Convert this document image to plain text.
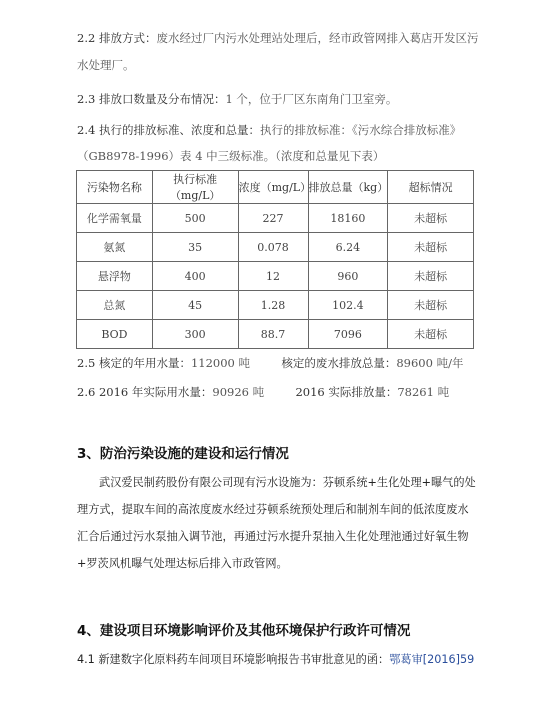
2.2 排放方式：废水经过厂内污水处理站处理后，经市政管网排入葛店开发区污
水处理厂。
2.3 排放口数量及分布情况：1 个，位于厂区东南角门卫室旁。
2.4 执行的排放标准、浓度和总量：执行的排放标准：《污水综合排放标准》
（GB8978-1996）表 4 中三级标准。（浓度和总量见下表）
污染物名称	执行标准（mg/L）	浓度（mg/L）	排放总量（kg）	超标情况
化学需氧量	500	227	18160	未超标
氨氮	35	0.078	6.24	未超标
悬浮物	400	12	960	未超标
总氮	45	1.28	102.4	未超标
BOD	300	88.7	7096	未超标
2.5 核定的年用水量：112000 吨	核定的废水排放总量：89600 吨/年
2.6 2016 年实际用水量：90926 吨	2016 实际排放量：78261 吨
3、防治污染设施的建设和运行情况
武汉爱民制药股份有限公司现有污水设施为：芬顿系统+生化处理+曝气的处
理方式，提取车间的高浓度废水经过芬顿系统预处理后和制剂车间的低浓度废水
汇合后通过污水泵抽入调节池，再通过污水提升泵抽入生化处理池通过好氧生物
+罗茨风机曝气处理达标后排入市政管网。
4、建设项目环境影响评价及其他环境保护行政许可情况
4.1 新建数字化原料药车间项目环境影响报告书审批意见的函：鄂葛审[2016]59
